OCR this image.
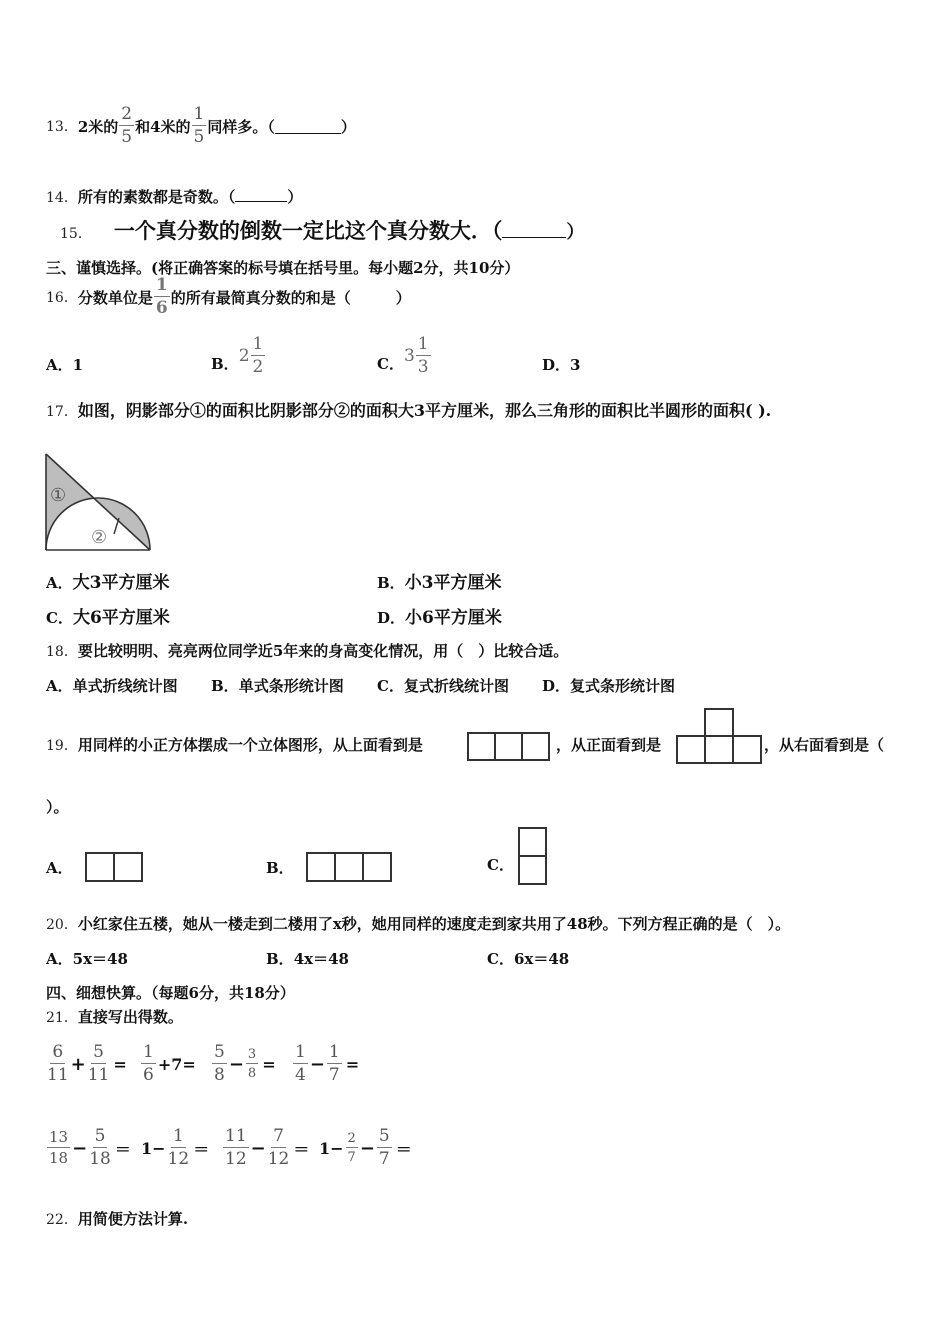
13． 2米的 $\frac{2}{5}$ 和4米的 $\frac{1}{5}$ 同样多。（	）
14．所有的素数都是奇数。（	）
15． 一个真分数的倒数一定比这个真分数大．（	）
三、谨慎选择。(将正确答案的标号填在括号里。每小题2分，共10分）
16． 分数单位是 $\frac{1}{6}$ 的所有最简真分数的和是（　　　）
A．1	B． $2 \frac{1}{2}$	C． $3 \frac{1}{3}$	D．3
17．如图，阴影部分①的面积比阴影部分②的面积大3平方厘米，那么三角形的面积比半圆形的面积( ).
①
②
A．大3平方厘米	B．小3平方厘米
C．大6平方厘米	D．小6平方厘米
18．要比较明明、亮亮两位同学近5年来的身高变化情况，用（　）比较合适。
A．单式折线统计图 B．单式条形统计图 C．复式折线统计图 D．复式条形统计图
19．用同样的小正方体摆成一个立体图形，从上面看到是	，从正面看到是	，从右面看到是（
）。
A．	B．	C．
20．小红家住五楼，她从一楼走到二楼用了x秒，她用同样的速度走到家共用了48秒。下列方程正确的是（　）。
A．5x＝48	B．4x＝48	C．6x＝48
四、细想快算。（每题6分，共18分）
21．直接写出得数。
$\frac{6}{11} + \frac{5}{11} = \frac{1}{6} +7= \frac{5}{8} - \frac{3}{8} = \frac{1}{4} - \frac{1}{7}$ =
$\frac{13}{18} - \frac{5}{18} = 1- \frac{1}{12} = \frac{11}{12} - \frac{7}{12} = 1- \frac{2}{7} - \frac{5}{7}$ ＝
22．用简便方法计算.
